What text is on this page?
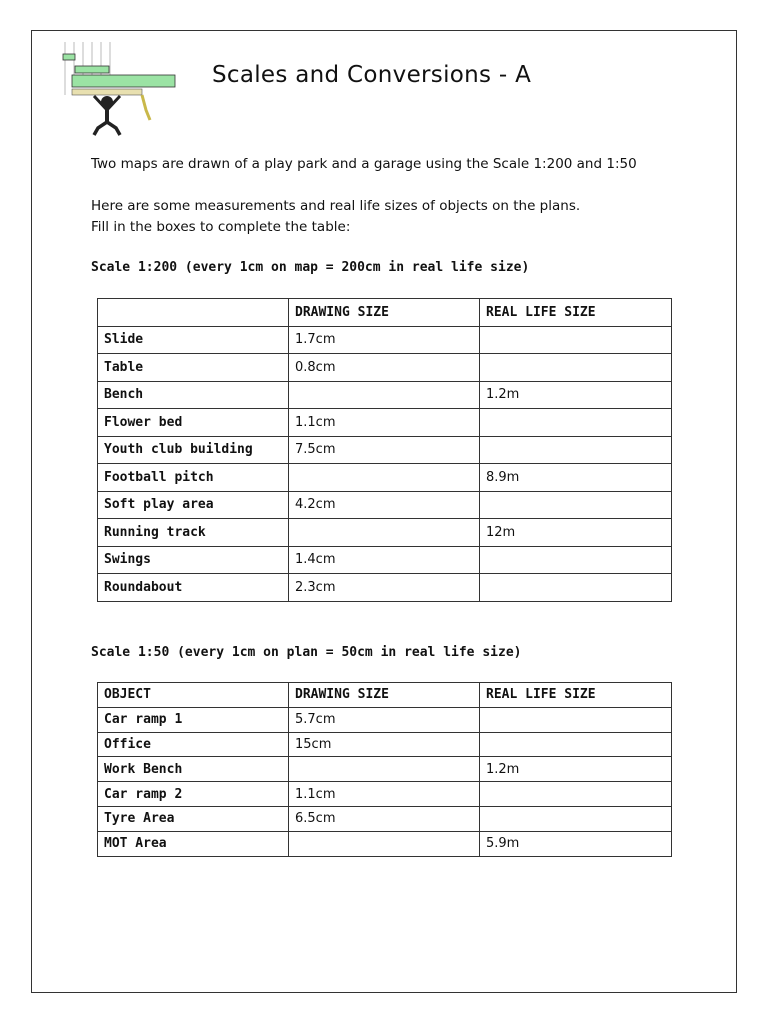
Scales and Conversions - A
Two maps are drawn of a play park and a garage using the Scale 1:200 and 1:50
Here are some measurements and real life sizes of objects on the plans.
Fill in the boxes to complete the table:
Scale 1:200 (every 1cm on map = 200cm in real life size)
	DRAWING SIZE	REAL LIFE SIZE
Slide	1.7cm	
Table	0.8cm	
Bench		1.2m
Flower bed	1.1cm	
Youth club building	7.5cm	
Football pitch		8.9m
Soft play area	4.2cm	
Running track		12m
Swings	1.4cm	
Roundabout	2.3cm	
Scale 1:50 (every 1cm on plan = 50cm in real life size)
OBJECT	DRAWING SIZE	REAL LIFE SIZE
Car ramp 1	5.7cm	
Office	15cm	
Work Bench		1.2m
Car ramp 2	1.1cm	
Tyre Area	6.5cm	
MOT Area		5.9m
